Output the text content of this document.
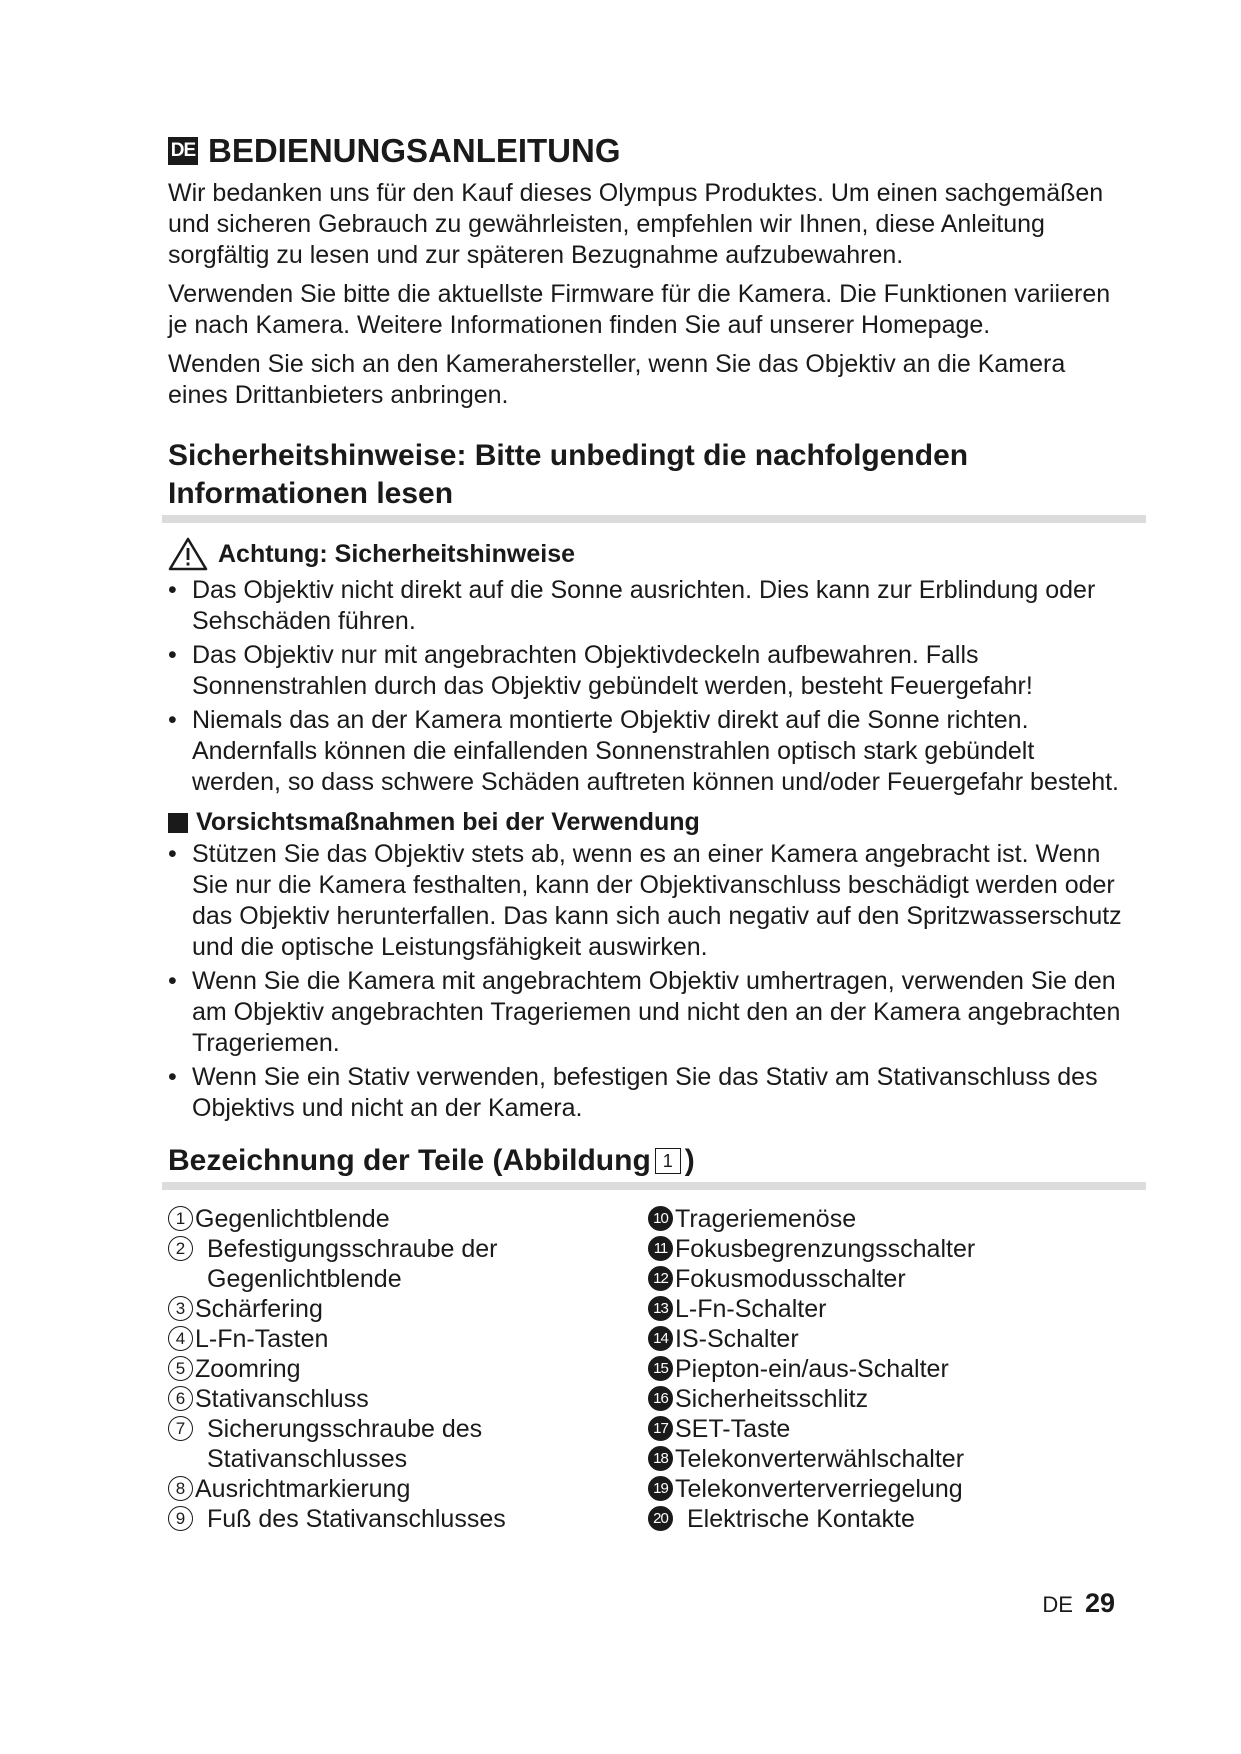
DE BEDIENUNGSANLEITUNG

Wir bedanken uns für den Kauf dieses Olympus Produktes. Um einen sachgemäßen und sicheren Gebrauch zu gewährleisten, empfehlen wir Ihnen, diese Anleitung sorgfältig zu lesen und zur späteren Bezugnahme aufzubewahren.

Verwenden Sie bitte die aktuellste Firmware für die Kamera. Die Funktionen variieren je nach Kamera. Weitere Informationen finden Sie auf unserer Homepage.

Wenden Sie sich an den Kamerahersteller, wenn Sie das Objektiv an die Kamera eines Drittanbieters anbringen.

Sicherheitshinweise: Bitte unbedingt die nachfolgenden Informationen lesen
Achtung: Sicherheitshinweise
• Das Objektiv nicht direkt auf die Sonne ausrichten. Dies kann zur Erblindung oder Sehschäden führen.
• Das Objektiv nur mit angebrachten Objektivdeckeln aufbewahren. Falls Sonnenstrahlen durch das Objektiv gebündelt werden, besteht Feuergefahr!
• Niemals das an der Kamera montierte Objektiv direkt auf die Sonne richten. Andernfalls können die einfallenden Sonnenstrahlen optisch stark gebündelt werden, so dass schwere Schäden auftreten können und/oder Feuergefahr besteht.
Vorsichtsmaßnahmen bei der Verwendung
• Stützen Sie das Objektiv stets ab, wenn es an einer Kamera angebracht ist. Wenn Sie nur die Kamera festhalten, kann der Objektivanschluss beschädigt werden oder das Objektiv herunterfallen. Das kann sich auch negativ auf den Spritzwasserschutz und die optische Leistungsfähigkeit auswirken.
• Wenn Sie die Kamera mit angebrachtem Objektiv umhertragen, verwenden Sie den am Objektiv angebrachten Trageriemen und nicht den an der Kamera angebrachten Trageriemen.
• Wenn Sie ein Stativ verwenden, befestigen Sie das Stativ am Stativanschluss des Objektivs und nicht an der Kamera.
Bezeichnung der Teile (Abbildung 1 )
1 Gegenlichtblende
2 Befestigungsschraube der Gegenlichtblende
3 Schärfering
4 L-Fn-Tasten
5 Zoomring
6 Stativanschluss
7 Sicherungsschraube des Stativanschlusses
8 Ausrichtmarkierung
9 Fuß des Stativanschlusses
10 Trageriemenöse
11 Fokusbegrenzungsschalter
12 Fokusmodusschalter
13 L-Fn-Schalter
14 IS-Schalter
15 Piepton-ein/aus-Schalter
16 Sicherheitsschlitz
17 SET-Taste
18 Telekonverterwählschalter
19 Telekonverterverriegelung
20 Elektrische Kontakte
DE 29
